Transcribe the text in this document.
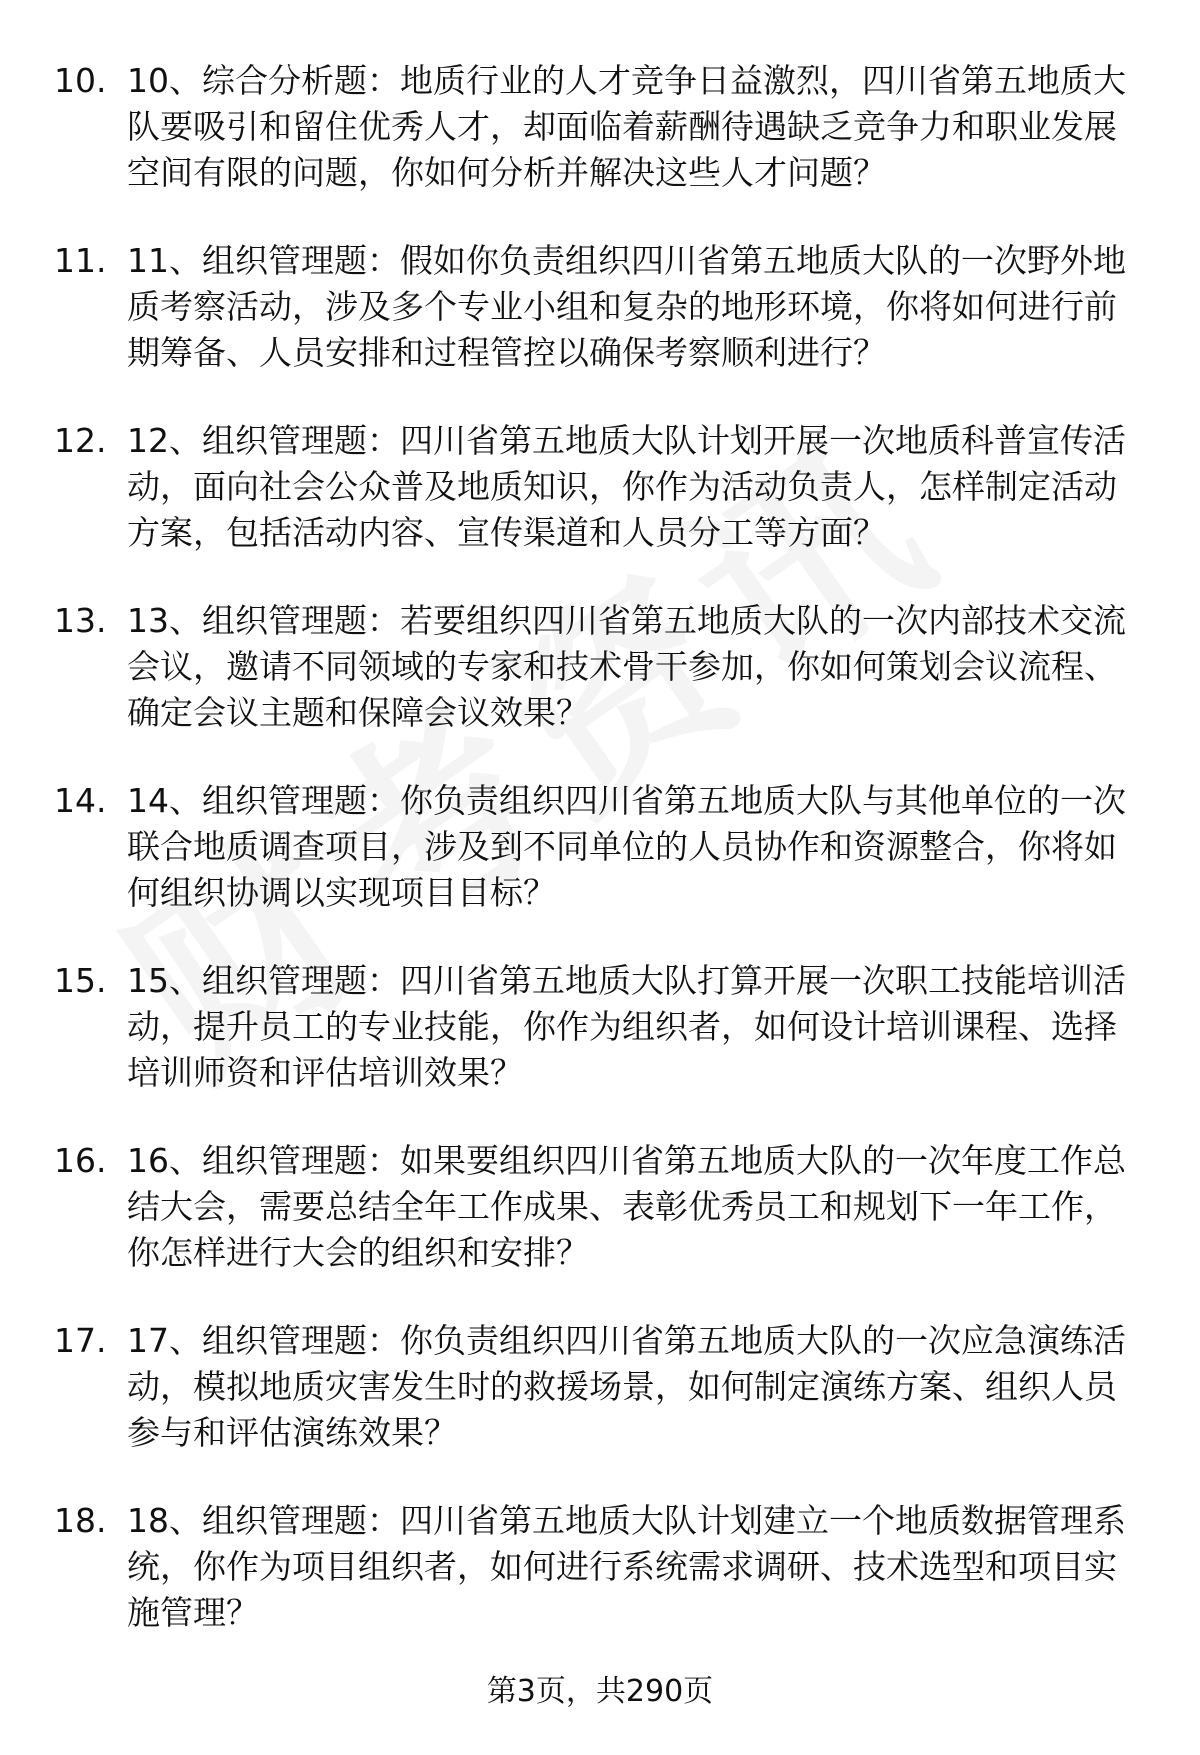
10. 10、综合分析题：地质行业的人才竞争日益激烈，四川省第五地质大队要吸引和留住优秀人才，却面临着薪酬待遇缺乏竞争力和职业发展空间有限的问题，你如何分析并解决这些人才问题？

11. 11、组织管理题：假如你负责组织四川省第五地质大队的一次野外地质考察活动，涉及多个专业小组和复杂的地形环境，你将如何进行前期筹备、人员安排和过程管控以确保考察顺利进行？

12. 12、组织管理题：四川省第五地质大队计划开展一次地质科普宣传活动，面向社会公众普及地质知识，你作为活动负责人，怎样制定活动方案，包括活动内容、宣传渠道和人员分工等方面？

13. 13、组织管理题：若要组织四川省第五地质大队的一次内部技术交流会议，邀请不同领域的专家和技术骨干参加，你如何策划会议流程、确定会议主题和保障会议效果？

14. 14、组织管理题：你负责组织四川省第五地质大队与其他单位的一次联合地质调查项目，涉及到不同单位的人员协作和资源整合，你将如何组织协调以实现项目目标？

15. 15、组织管理题：四川省第五地质大队打算开展一次职工技能培训活动，提升员工的专业技能，你作为组织者，如何设计培训课程、选择培训师资和评估培训效果？

16. 16、组织管理题：如果要组织四川省第五地质大队的一次年度工作总结大会，需要总结全年工作成果、表彰优秀员工和规划下一年工作，你怎样进行大会的组织和安排？

17. 17、组织管理题：你负责组织四川省第五地质大队的一次应急演练活动，模拟地质灾害发生时的救援场景，如何制定演练方案、组织人员参与和评估演练效果？

18. 18、组织管理题：四川省第五地质大队计划建立一个地质数据管理系统，你作为项目组织者，如何进行系统需求调研、技术选型和项目实施管理？

第3页，共290页
